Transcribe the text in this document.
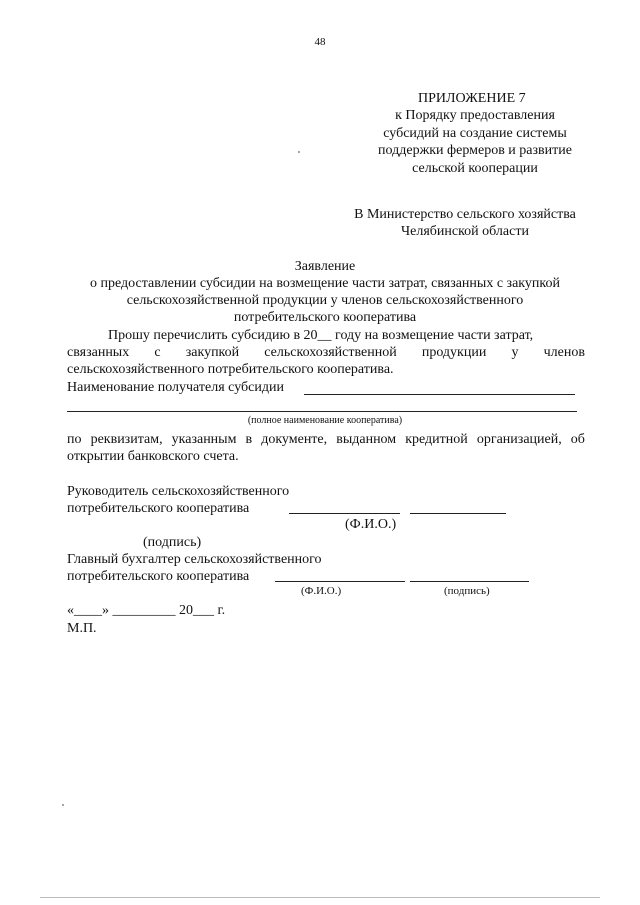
48
ПРИЛОЖЕНИЕ 7
к Порядку предоставления
субсидий на создание системы
поддержки фермеров и развитие
сельской кооперации
В Министерство сельского хозяйства
Челябинской области
Заявление
о предоставлении субсидии на возмещение части затрат, связанных с закупкой
сельскохозяйственной продукции у членов сельскохозяйственного
потребительского кооператива
Прошу перечислить субсидию в 20__ году на возмещение части затрат,
связанных с закупкой сельскохозяйственной продукции у членов
сельскохозяйственного потребительского кооператива.
Наименование получателя субсидии
(полное наименование кооператива)
по реквизитам, указанным в документе, выданном кредитной организацией, об
открытии банковского счета.
Руководитель сельскохозяйственного
потребительского кооператива
(Ф.И.О.)
(подпись)
Главный бухгалтер сельскохозяйственного
потребительского кооператива
(Ф.И.О.)	(подпись)
«____» _________ 20___ г.
М.П.
